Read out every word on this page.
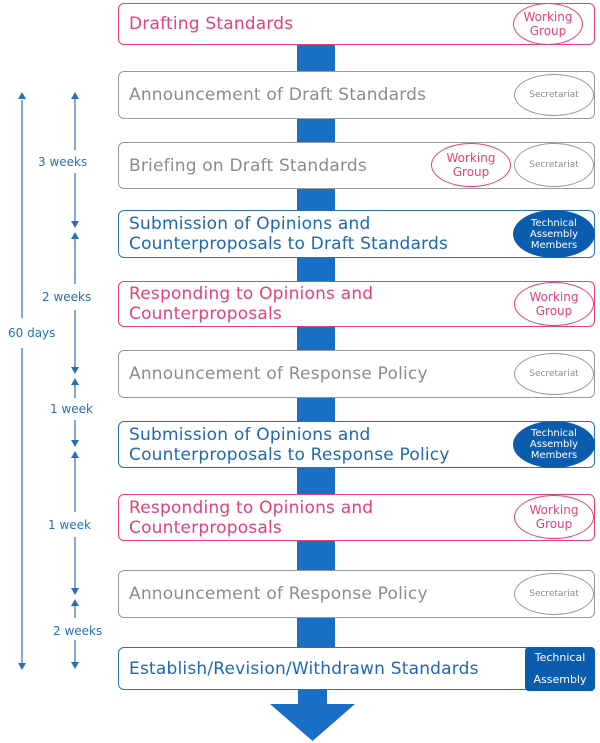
Drafting Standards	Working
Group
Announcement of Draft Standards	Secretariat
Briefing on Draft Standards	Working
Group	Secretariat
Submission of Opinions and
Counterproposals to Draft Standards
Technical
Assembly
Members
Responding to Opinions and
Counterproposals
Working
Group
Announcement of Response Policy	Secretariat
Submission of Opinions and
Counterproposals to Response Policy
Technical
Assembly
Members
Responding to Opinions and
Counterproposals
Working
Group
Announcement of Response Policy	Secretariat
Establish/Revision/Withdrawn Standards
Technical
Assembly
60 days
3 weeks
2 weeks
1 week
1 week
2 weeks
